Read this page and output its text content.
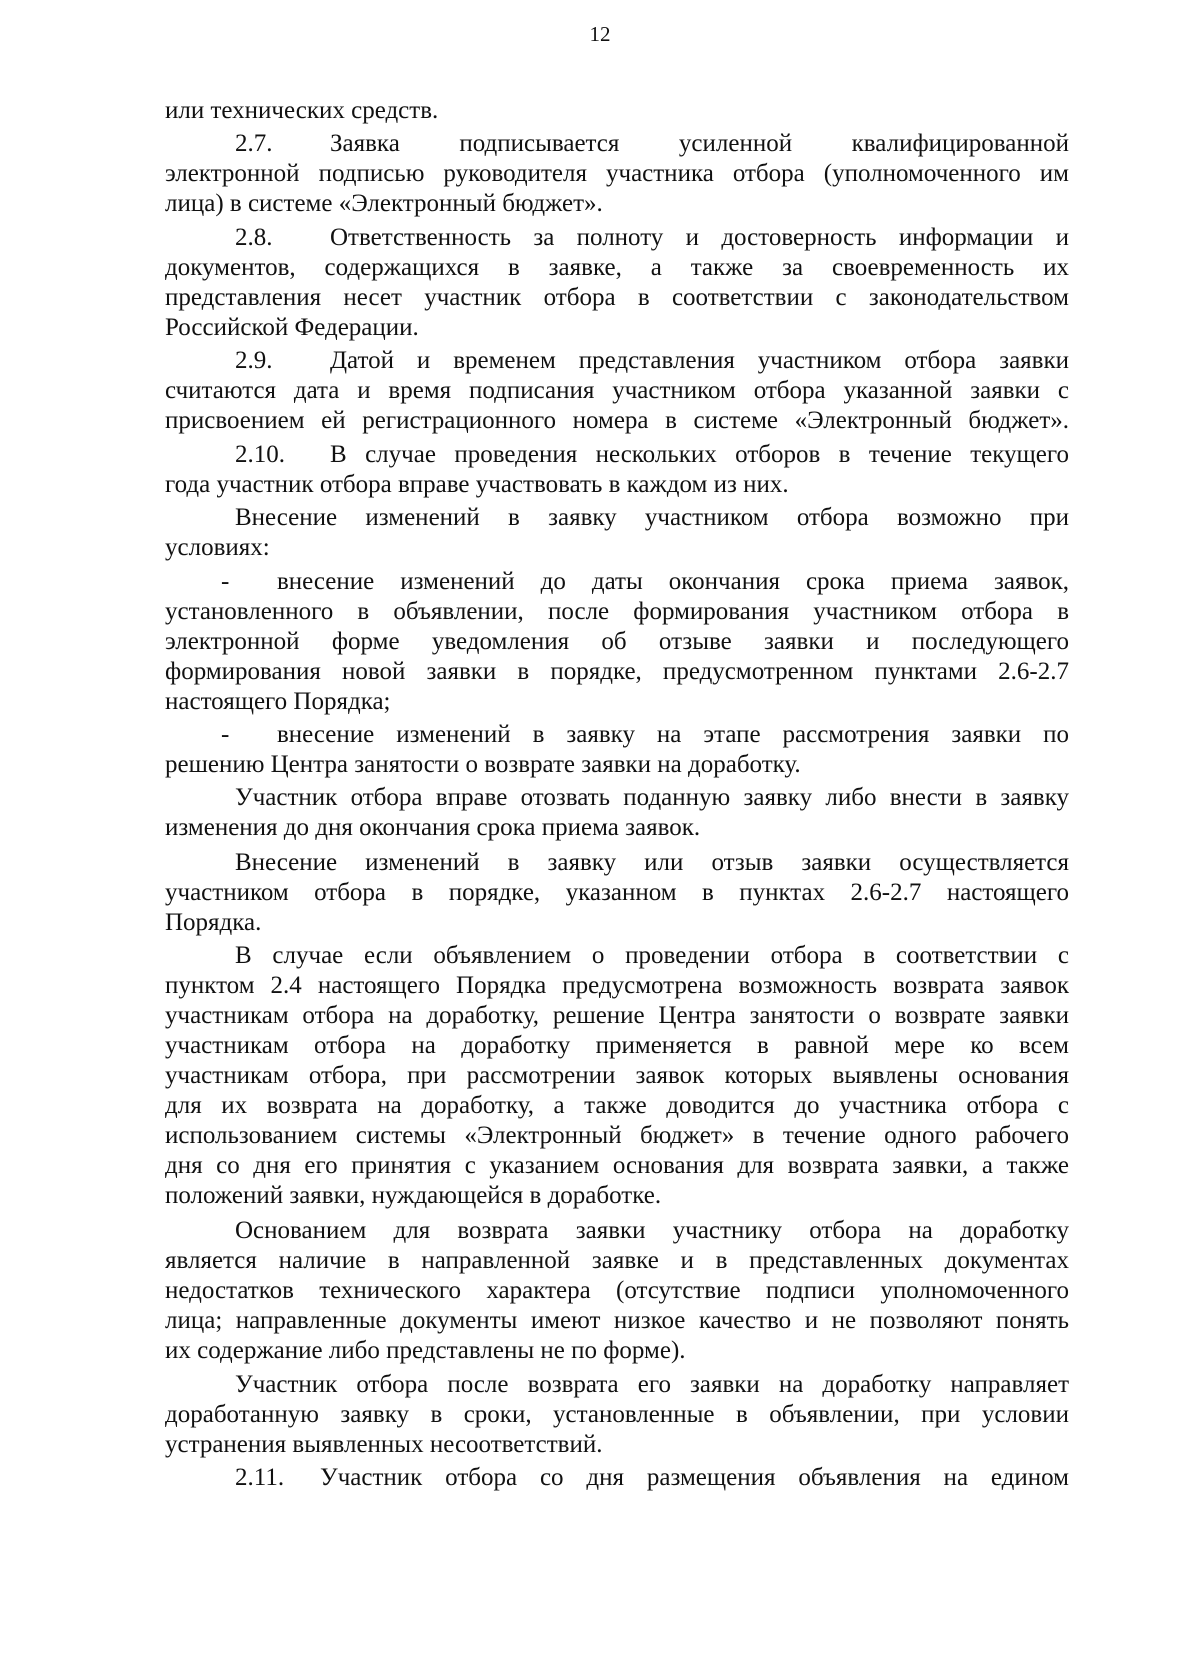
12
или технических средств.
2.7. Заявка подписывается усиленной квалифицированной
электронной подписью руководителя участника отбора (уполномоченного им
лица) в системе «Электронный бюджет».
2.8. Ответственность за полноту и достоверность информации и
документов, содержащихся в заявке, а также за своевременность их
представления несет участник отбора в соответствии с законодательством
Российской Федерации.
2.9. Датой и временем представления участником отбора заявки
считаются дата и время подписания участником отбора указанной заявки с
присвоением ей регистрационного номера в системе «Электронный бюджет».
2.10. В случае проведения нескольких отборов в течение текущего
года участник отбора вправе участвовать в каждом из них.
Внесение изменений в заявку участником отбора возможно при
условиях:
- внесение изменений до даты окончания срока приема заявок,
установленного в объявлении, после формирования участником отбора в
электронной форме уведомления об отзыве заявки и последующего
формирования новой заявки в порядке, предусмотренном пунктами 2.6-2.7
настоящего Порядка;
- внесение изменений в заявку на этапе рассмотрения заявки по
решению Центра занятости о возврате заявки на доработку.
Участник отбора вправе отозвать поданную заявку либо внести в заявку
изменения до дня окончания срока приема заявок.
Внесение изменений в заявку или отзыв заявки осуществляется
участником отбора в порядке, указанном в пунктах 2.6-2.7 настоящего
Порядка.
В случае если объявлением о проведении отбора в соответствии с
пунктом 2.4 настоящего Порядка предусмотрена возможность возврата заявок
участникам отбора на доработку, решение Центра занятости о возврате заявки
участникам отбора на доработку применяется в равной мере ко всем
участникам отбора, при рассмотрении заявок которых выявлены основания
для их возврата на доработку, а также доводится до участника отбора с
использованием системы «Электронный бюджет» в течение одного рабочего
дня со дня его принятия с указанием основания для возврата заявки, а также
положений заявки, нуждающейся в доработке.
Основанием для возврата заявки участнику отбора на доработку
является наличие в направленной заявке и в представленных документах
недостатков технического характера (отсутствие подписи уполномоченного
лица; направленные документы имеют низкое качество и не позволяют понять
их содержание либо представлены не по форме).
Участник отбора после возврата его заявки на доработку направляет
доработанную заявку в сроки, установленные в объявлении, при условии
устранения выявленных несоответствий.
2.11. Участник отбора со дня размещения объявления на едином
